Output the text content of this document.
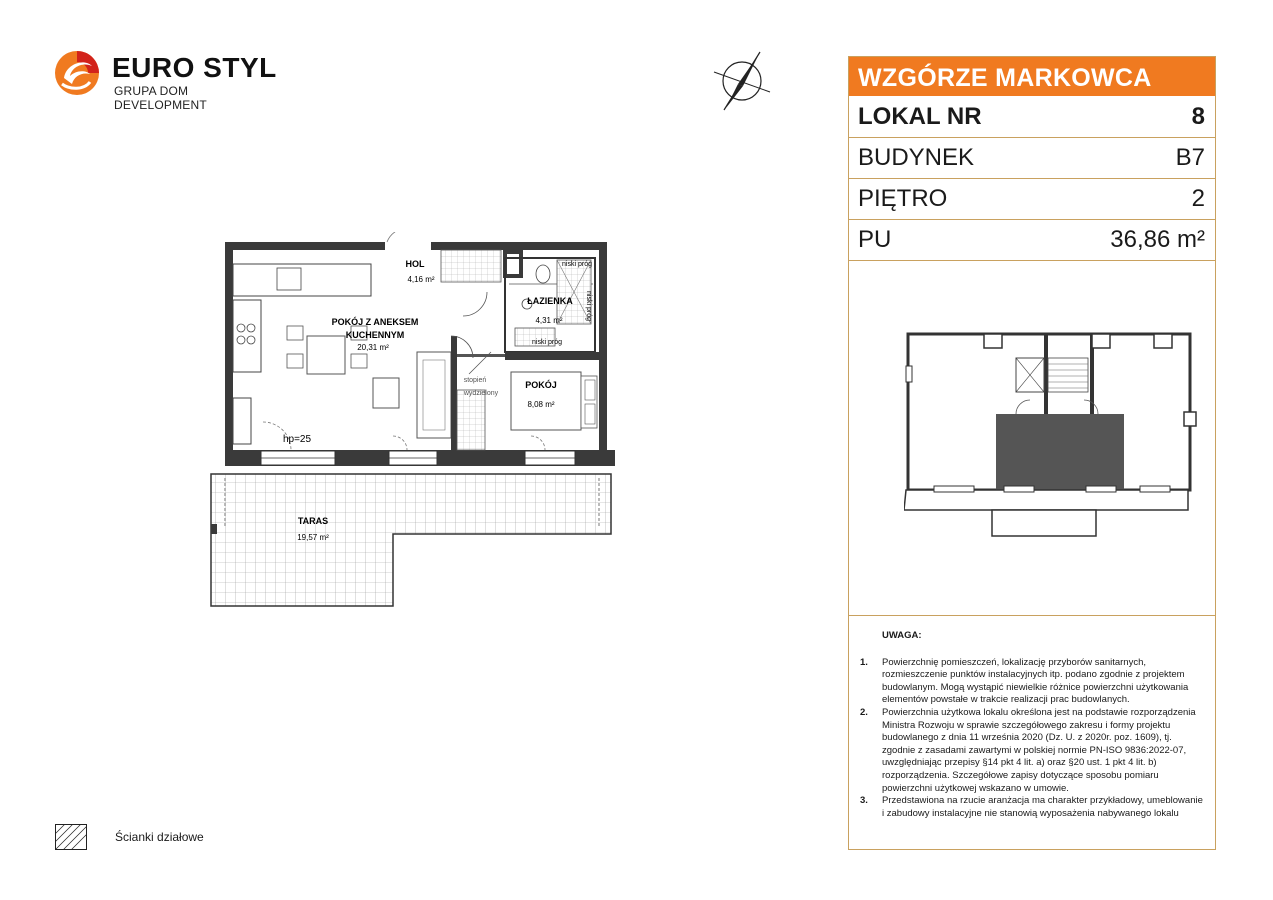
EURO STYL
GRUPA DOM DEVELOPMENT
HOL
4,16 m²
ŁAZIENKA
4,31 m²
POKÓJ Z ANEKSEM
KUCHENNYM
20,31 m²
POKÓJ
8,08 m²
TARAS
19,57 m²
hp=25
niski próg
niski próg
niski próg
stopień
wydzielony
WZGÓRZE MARKOWCA
LOKAL NR	8
BUDYNEK	B7
PIĘTRO	2
PU	36,86 m²
UWAGA:
1. Powierzchnię pomieszczeń, lokalizację przyborów sanitarnych, rozmieszczenie punktów instalacyjnych itp. podano zgodnie z projektem budowlanym. Mogą wystąpić niewielkie różnice powierzchni użytkowania elementów powstałe w trakcie realizacji prac budowlanych.
2. Powierzchnia użytkowa lokalu określona jest na podstawie rozporządzenia Ministra Rozwoju w sprawie szczegółowego zakresu i formy projektu budowlanego z dnia 11 września 2020 (Dz. U. z 2020r. poz. 1609), tj. zgodnie z zasadami zawartymi w polskiej normie PN-ISO 9836:2022-07, uwzględniając przepisy §14 pkt 4 lit. a) oraz §20 ust. 1 pkt 4 lit. b) rozporządzenia. Szczegółowe zapisy dotyczące sposobu pomiaru powierzchni użytkowej wskazano w umowie.
3. Przedstawiona na rzucie aranżacja ma charakter przykładowy, umeblowanie i zabudowy instalacyjne nie stanowią wyposażenia nabywanego lokalu
Ścianki działowe
